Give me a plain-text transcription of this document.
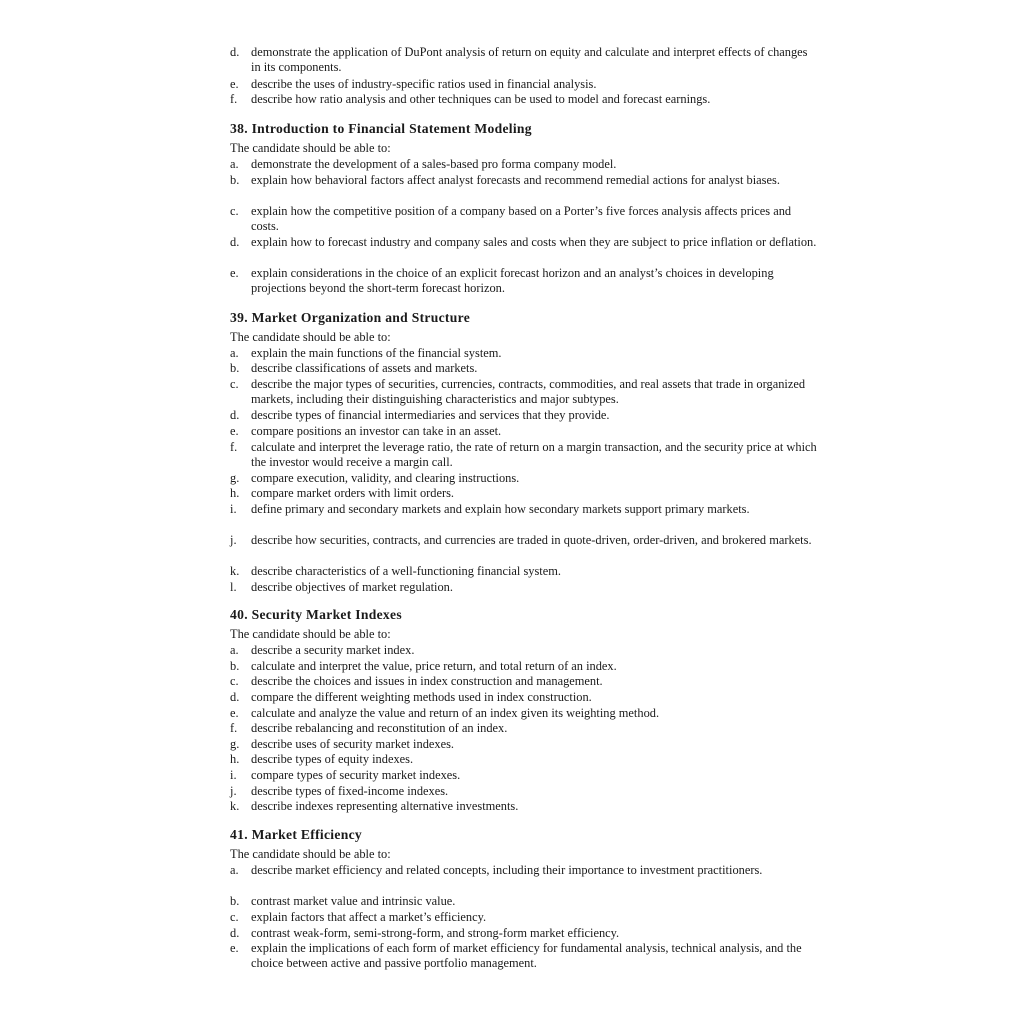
d. demonstrate the application of DuPont analysis of return on equity and calculate and interpret effects of changes in its components.
e. describe the uses of industry-specific ratios used in financial analysis.
f. describe how ratio analysis and other techniques can be used to model and forecast earnings.
38. Introduction to Financial Statement Modeling
The candidate should be able to:
a. demonstrate the development of a sales-based pro forma company model.
b. explain how behavioral factors affect analyst forecasts and recommend remedial actions for analyst biases.
c. explain how the competitive position of a company based on a Porter’s five forces analysis affects prices and costs.
d. explain how to forecast industry and company sales and costs when they are subject to price inflation or deflation.
e. explain considerations in the choice of an explicit forecast horizon and an analyst’s choices in developing projections beyond the short-term forecast horizon.
39. Market Organization and Structure
The candidate should be able to:
a. explain the main functions of the financial system.
b. describe classifications of assets and markets.
c. describe the major types of securities, currencies, contracts, commodities, and real assets that trade in organized markets, including their distinguishing characteristics and major subtypes.
d. describe types of financial intermediaries and services that they provide.
e. compare positions an investor can take in an asset.
f. calculate and interpret the leverage ratio, the rate of return on a margin transaction, and the security price at which the investor would receive a margin call.
g. compare execution, validity, and clearing instructions.
h. compare market orders with limit orders.
i. define primary and secondary markets and explain how secondary markets support primary markets.
j. describe how securities, contracts, and currencies are traded in quote-driven, order-driven, and brokered markets.
k. describe characteristics of a well-functioning financial system.
l. describe objectives of market regulation.
40. Security Market Indexes
The candidate should be able to:
a. describe a security market index.
b. calculate and interpret the value, price return, and total return of an index.
c. describe the choices and issues in index construction and management.
d. compare the different weighting methods used in index construction.
e. calculate and analyze the value and return of an index given its weighting method.
f. describe rebalancing and reconstitution of an index.
g. describe uses of security market indexes.
h. describe types of equity indexes.
i. compare types of security market indexes.
j. describe types of fixed-income indexes.
k. describe indexes representing alternative investments.
41. Market Efficiency
The candidate should be able to:
a. describe market efficiency and related concepts, including their importance to investment practitioners.
b. contrast market value and intrinsic value.
c. explain factors that affect a market’s efficiency.
d. contrast weak-form, semi-strong-form, and strong-form market efficiency.
e. explain the implications of each form of market efficiency for fundamental analysis, technical analysis, and the choice between active and passive portfolio management.
